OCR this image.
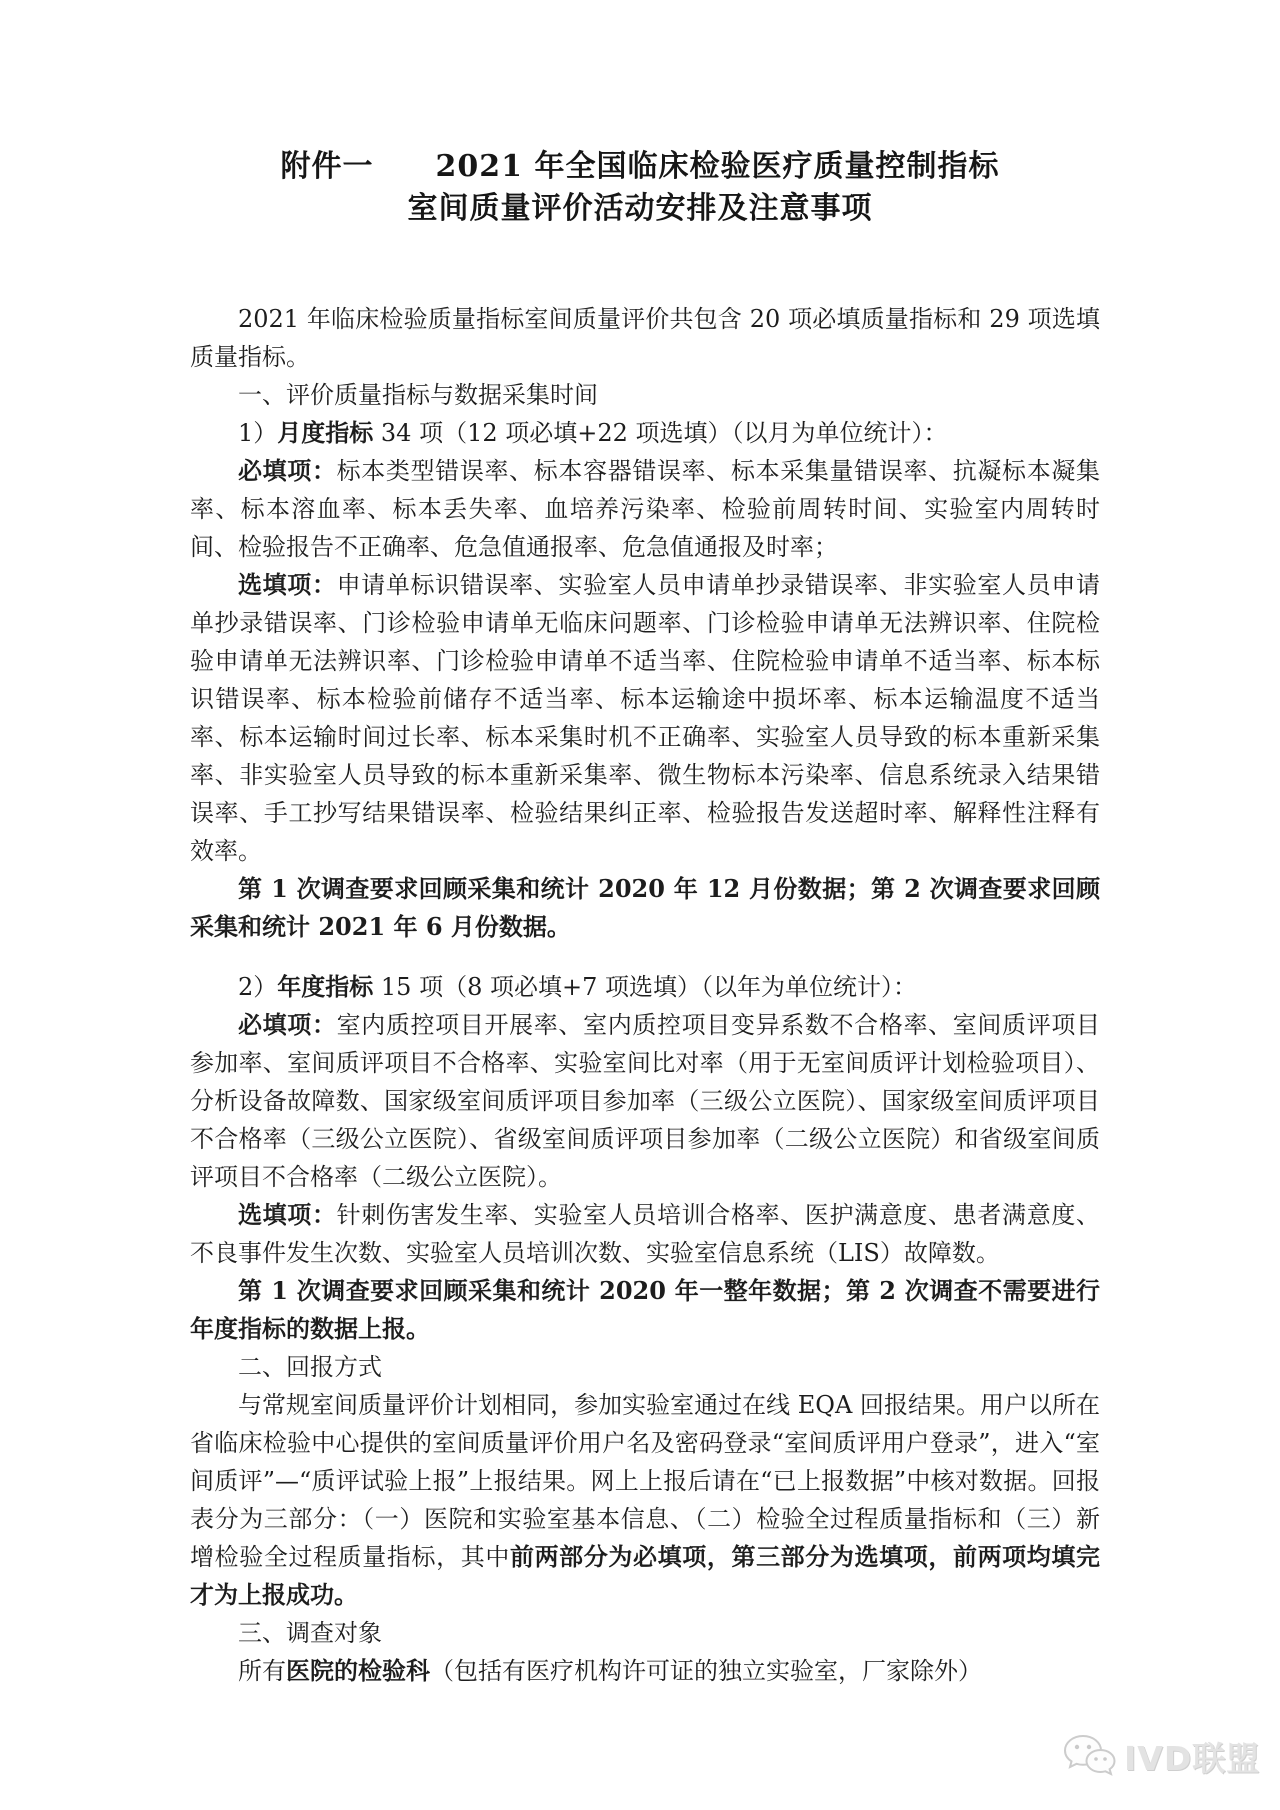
附件一　　2021 年全国临床检验医疗质量控制指标
室间质量评价活动安排及注意事项

2021 年临床检验质量指标室间质量评价共包含 20 项必填质量指标和 29 项选填质量指标。

一、评价质量指标与数据采集时间

1）月度指标 34 项（12 项必填+22 项选填）（以月为单位统计）：

必填项：标本类型错误率、标本容器错误率、标本采集量错误率、抗凝标本凝集率、标本溶血率、标本丢失率、血培养污染率、检验前周转时间、实验室内周转时间、检验报告不正确率、危急值通报率、危急值通报及时率；

选填项：申请单标识错误率、实验室人员申请单抄录错误率、非实验室人员申请单抄录错误率、门诊检验申请单无临床问题率、门诊检验申请单无法辨识率、住院检验申请单无法辨识率、门诊检验申请单不适当率、住院检验申请单不适当率、标本标识错误率、标本检验前储存不适当率、标本运输途中损坏率、标本运输温度不适当率、标本运输时间过长率、标本采集时机不正确率、实验室人员导致的标本重新采集率、非实验室人员导致的标本重新采集率、微生物标本污染率、信息系统录入结果错误率、手工抄写结果错误率、检验结果纠正率、检验报告发送超时率、解释性注释有效率。

第 1 次调查要求回顾采集和统计 2020 年 12 月份数据；第 2 次调查要求回顾采集和统计 2021 年 6 月份数据。

2）年度指标 15 项（8 项必填+7 项选填）（以年为单位统计）：

必填项：室内质控项目开展率、室内质控项目变异系数不合格率、室间质评项目参加率、室间质评项目不合格率、实验室间比对率（用于无室间质评计划检验项目）、分析设备故障数、国家级室间质评项目参加率（三级公立医院）、国家级室间质评项目不合格率（三级公立医院）、省级室间质评项目参加率（二级公立医院）和省级室间质评项目不合格率（二级公立医院）。

选填项：针刺伤害发生率、实验室人员培训合格率、医护满意度、患者满意度、不良事件发生次数、实验室人员培训次数、实验室信息系统（LIS）故障数。

第 1 次调查要求回顾采集和统计 2020 年一整年数据；第 2 次调查不需要进行年度指标的数据上报。

二、回报方式

与常规室间质量评价计划相同，参加实验室通过在线 EQA 回报结果。用户以所在省临床检验中心提供的室间质量评价用户名及密码登录“室间质评用户登录”，进入“室间质评”—“质评试验上报”上报结果。网上上报后请在“已上报数据”中核对数据。回报表分为三部分：（一）医院和实验室基本信息、（二）检验全过程质量指标和（三）新增检验全过程质量指标，其中前两部分为必填项，第三部分为选填项，前两项均填完才为上报成功。

三、调查对象

所有医院的检验科（包括有医疗机构许可证的独立实验室，厂家除外）

IVD联盟
